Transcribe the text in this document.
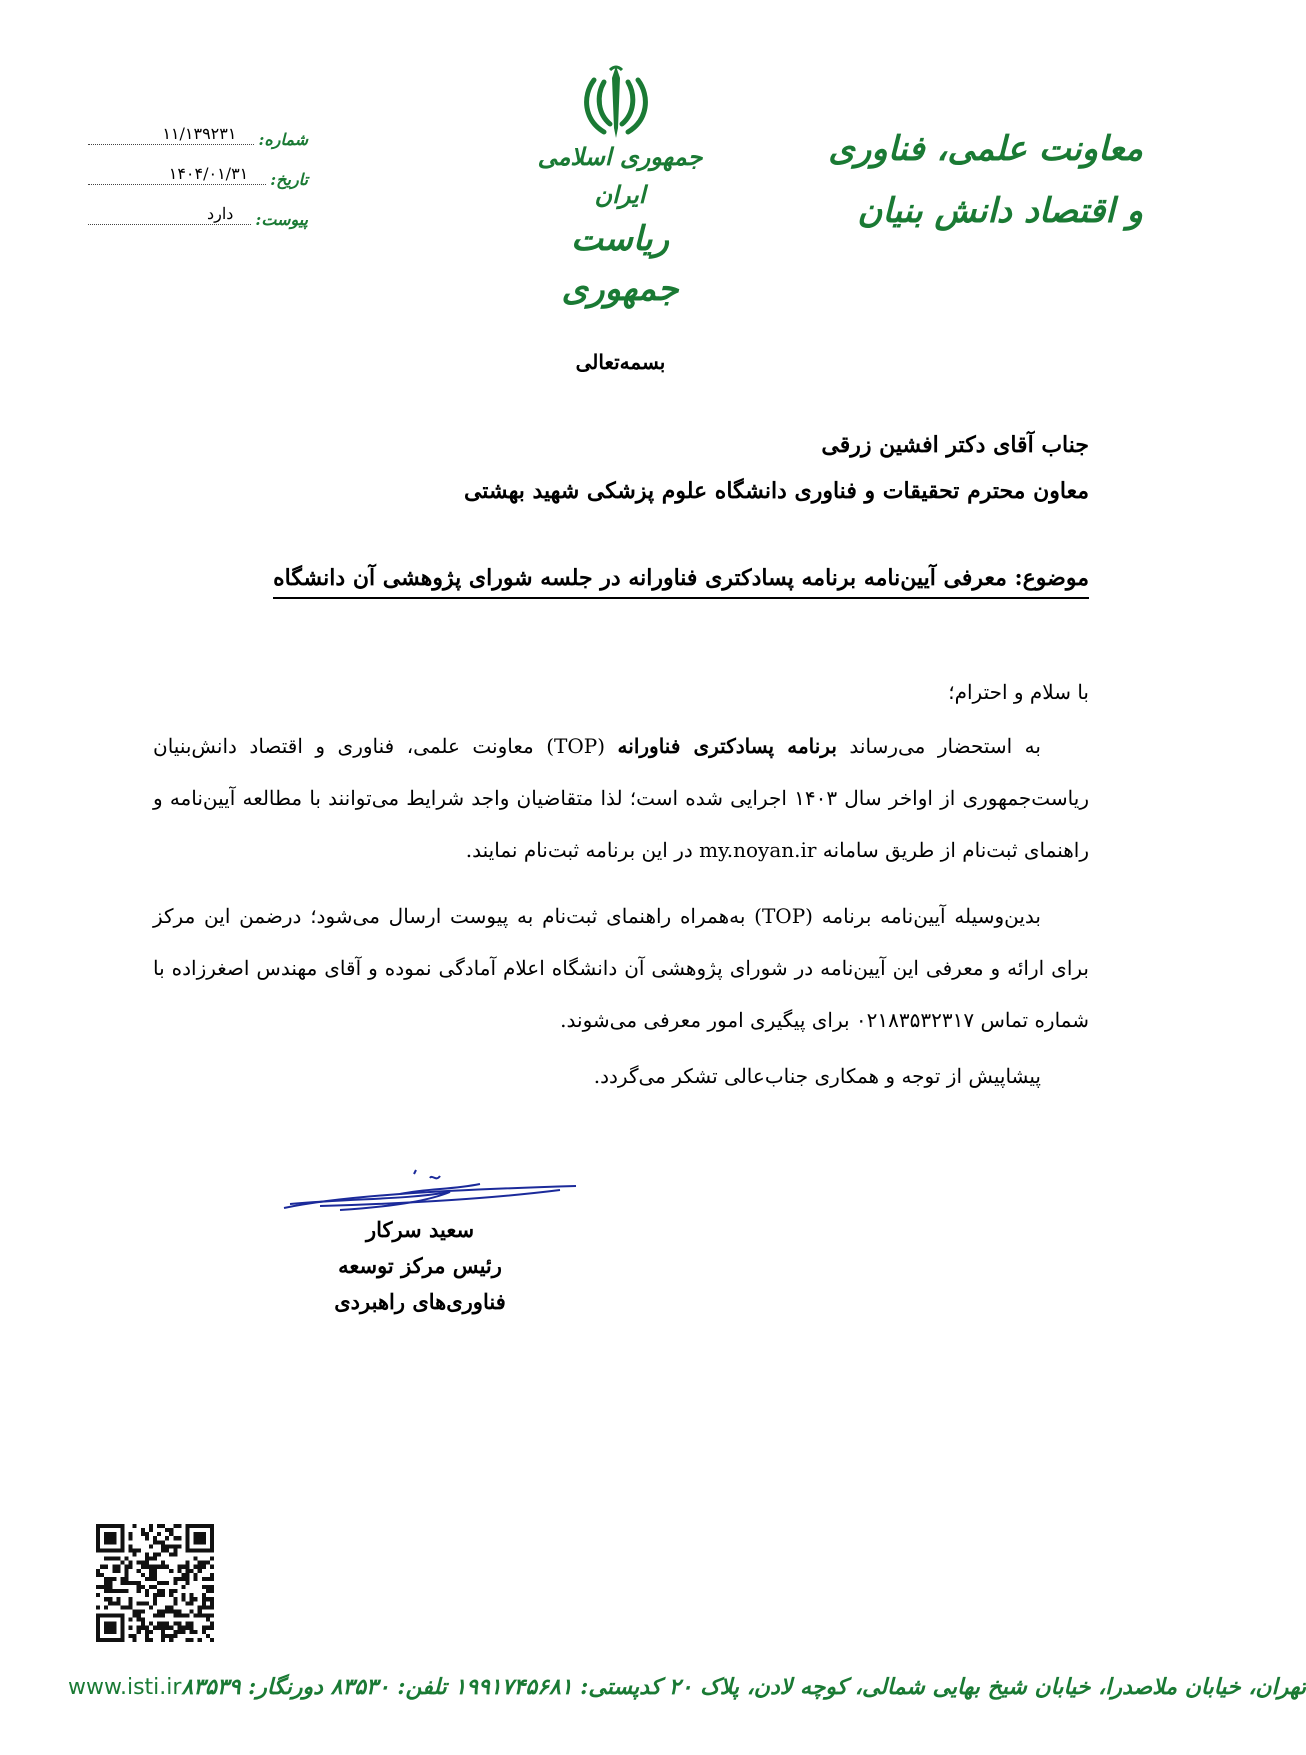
معاونت علمی، فناوری
و اقتصاد دانش بنیان
جمهوری اسلامی ایران
ریاست جمهوری
شماره:
۱۱/۱۳۹۲۳۱
تاریخ:
۱۴۰۴/۰۱/۳۱
پیوست:
دارد
بسمه‌تعالی
جناب آقای دکتر افشین زرقی
معاون محترم تحقیقات و فناوری دانشگاه علوم پزشکی شهید بهشتی
موضوع: معرفی آیین‌نامه برنامه پسادکتری فناورانه در جلسه شورای پژوهشی آن دانشگاه
با سلام و احترام؛
به استحضار می‌رساند برنامه پسادکتری فناورانه (TOP) معاونت علمی، فناوری و اقتصاد دانش‌بنیان ریاست‌جمهوری از اواخر سال ۱۴۰۳ اجرایی شده است؛ لذا متقاضیان واجد شرایط می‌توانند با مطالعه آیین‌نامه و راهنمای ثبت‌نام از طریق سامانه my.noyan.ir در این برنامه ثبت‌نام نمایند.
بدین‌وسیله آیین‌نامه برنامه (TOP) به‌همراه راهنمای ثبت‌نام به پیوست ارسال می‌شود؛ درضمن این مرکز برای ارائه و معرفی این آیین‌نامه در شورای پژوهشی آن دانشگاه اعلام آمادگی نموده و آقای مهندس اصغرزاده با شماره تماس ۰۲۱۸۳۵۳۲۳۱۷ برای پیگیری امور معرفی می‌شوند.
پیشاپیش از توجه و همکاری جناب‌عالی تشکر می‌گردد.
سعید سرکار
رئیس مرکز توسعه
فناوری‌های راهبردی
www.isti.ir تهران، خیابان ملاصدرا، خیابان شیخ بهایی شمالی، کوچه لادن، پلاک ۲۰ کدپستی: ۱۹۹۱۷۴۵۶۸۱ تلفن: ۸۳۵۳۰ دورنگار: ۸۳۵۳۹
